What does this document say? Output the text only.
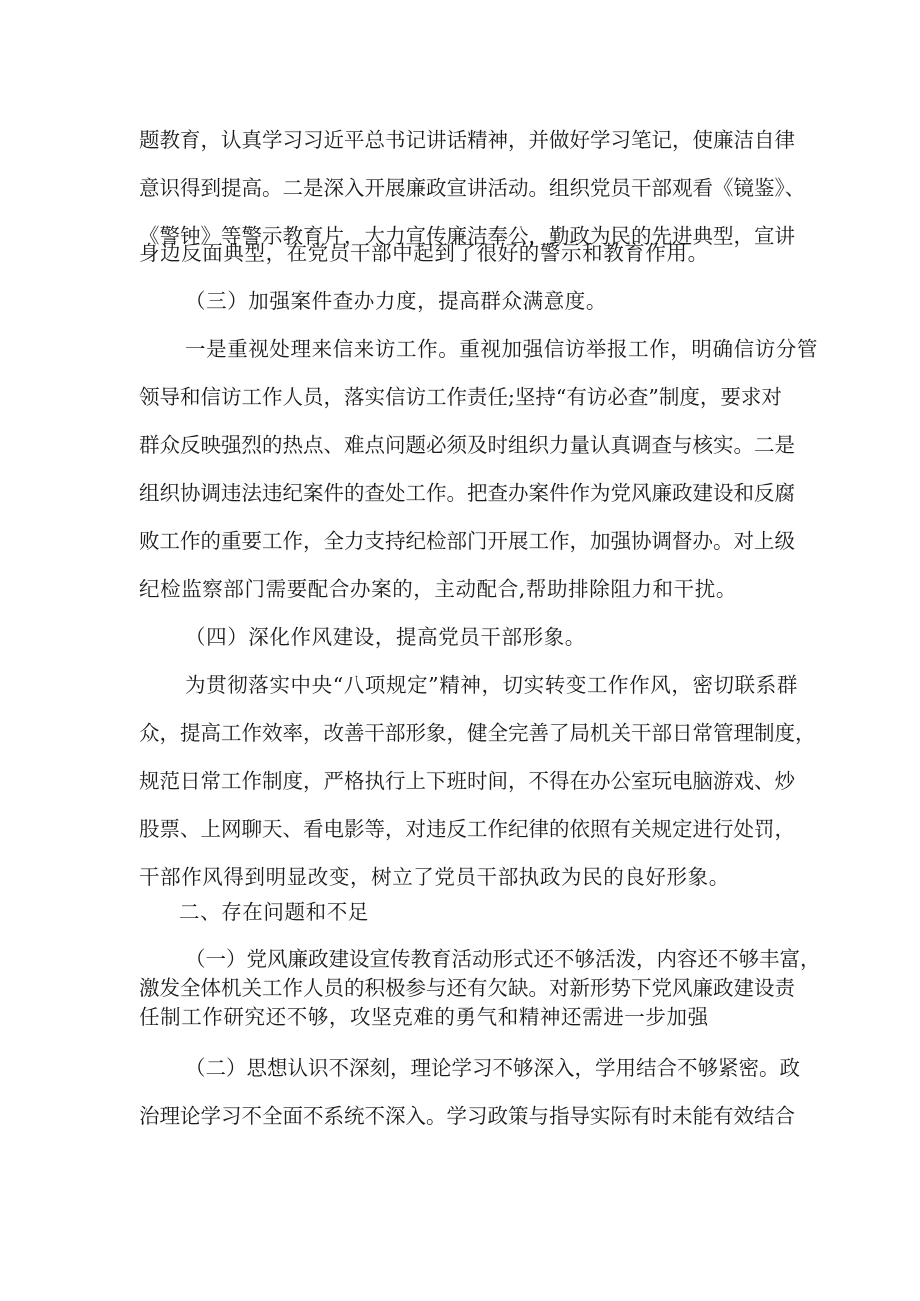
题教育，认真学习习近平总书记讲话精神，并做好学习笔记，使廉洁自律

意识得到提高。二是深入开展廉政宣讲活动。组织党员干部观看《镜鉴》、

《警钟》等警示教育片，大力宣传廉洁奉公，勤政为民的先进典型，宣讲

身边反面典型，在党员干部中起到了很好的警示和教育作用。

（三）加强案件查办力度，提高群众满意度。

一是重视处理来信来访工作。重视加强信访举报工作，明确信访分管

领导和信访工作人员，落实信访工作责任;坚持“有访必查”制度，要求对

群众反映强烈的热点、难点问题必须及时组织力量认真调查与核实。二是

组织协调违法违纪案件的查处工作。把查办案件作为党风廉政建设和反腐

败工作的重要工作，全力支持纪检部门开展工作，加强协调督办。对上级

纪检监察部门需要配合办案的，主动配合,帮助排除阻力和干扰。

（四）深化作风建设，提高党员干部形象。

为贯彻落实中央“八项规定”精神，切实转变工作作风，密切联系群

众，提高工作效率，改善干部形象，健全完善了局机关干部日常管理制度，

规范日常工作制度，严格执行上下班时间，不得在办公室玩电脑游戏、炒

股票、上网聊天、看电影等，对违反工作纪律的依照有关规定进行处罚，

干部作风得到明显改变，树立了党员干部执政为民的良好形象。

二、存在问题和不足

（一）党风廉政建设宣传教育活动形式还不够活泼，内容还不够丰富，

激发全体机关工作人员的积极参与还有欠缺。对新形势下党风廉政建设责

任制工作研究还不够，攻坚克难的勇气和精神还需进一步加强

（二）思想认识不深刻，理论学习不够深入，学用结合不够紧密。政

治理论学习不全面不系统不深入。学习政策与指导实际有时未能有效结合
